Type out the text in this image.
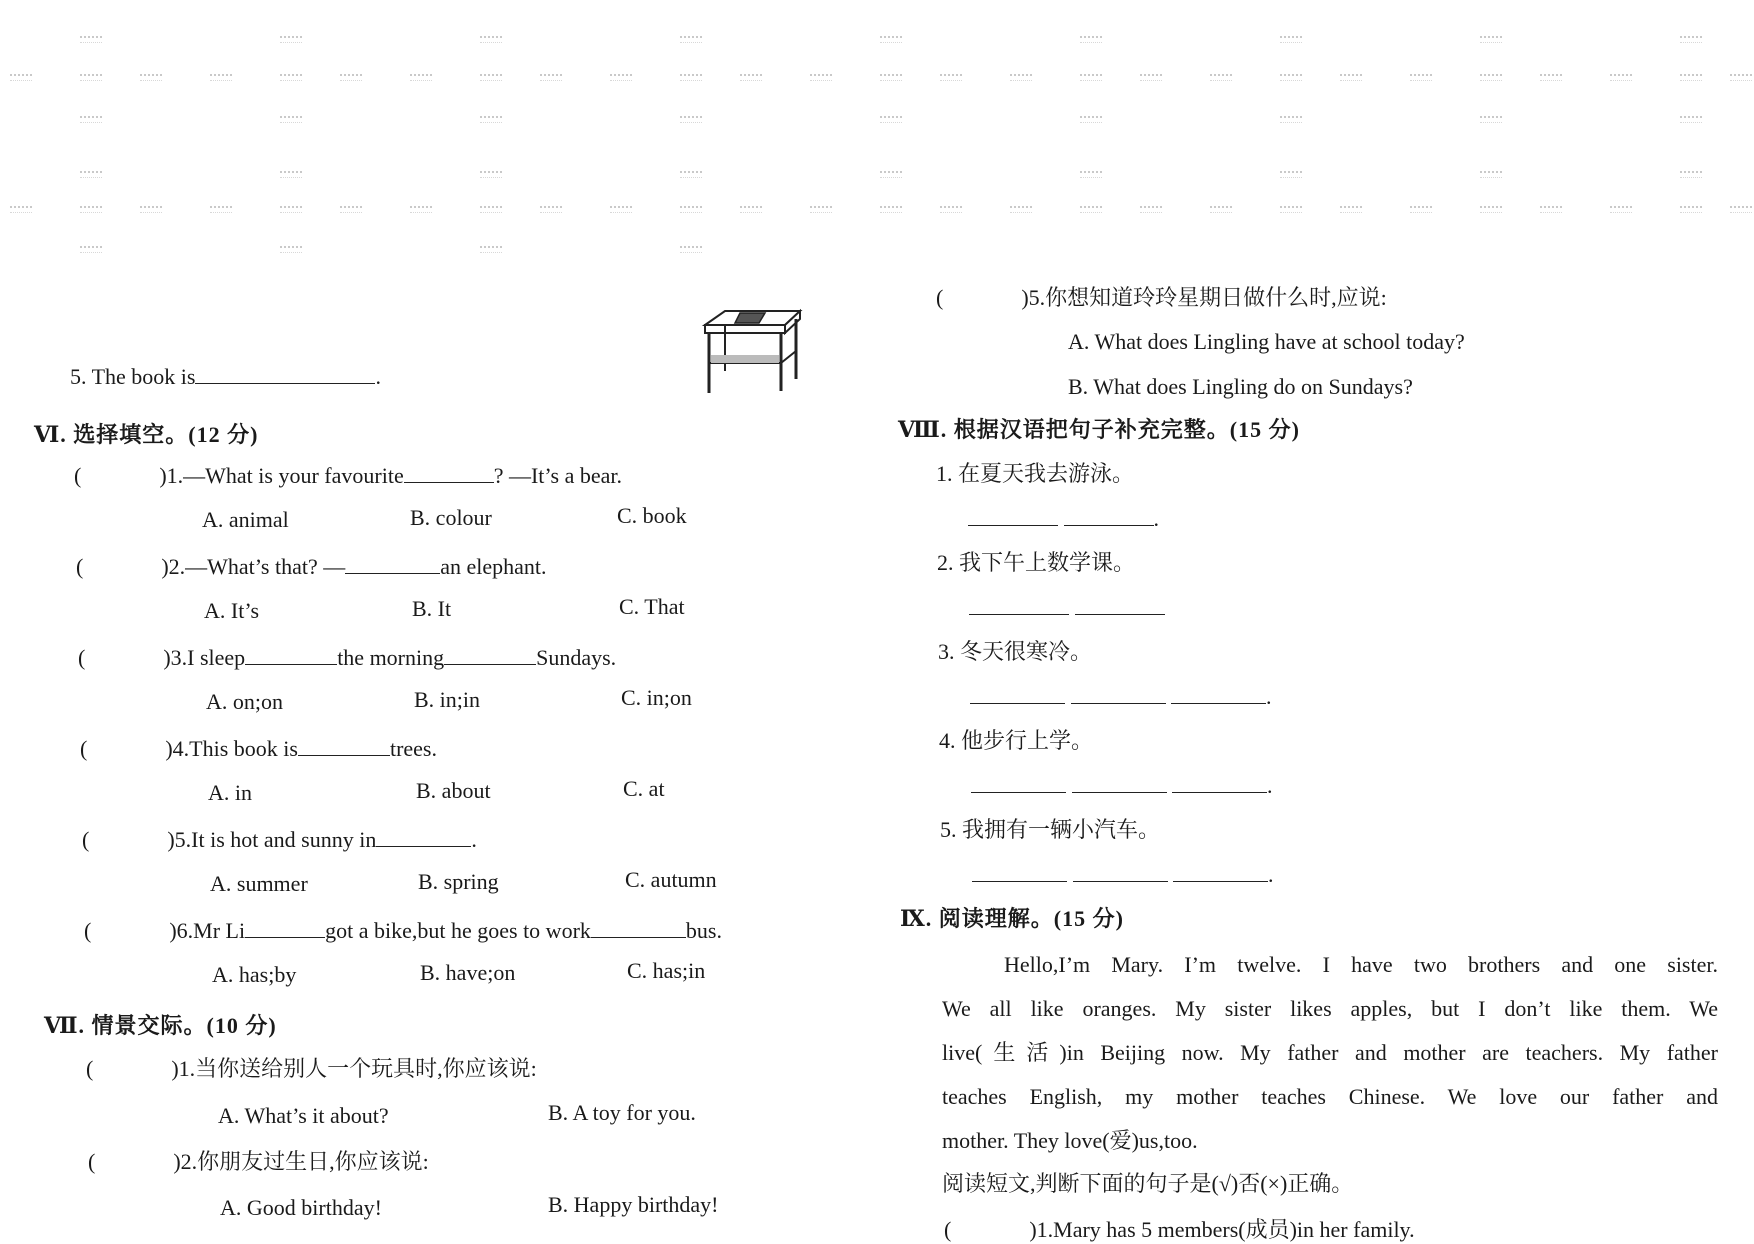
5. The book is	.
Ⅵ. 选择填空。(12 分)
(	)1.—What is your favourite	? —It’s a bear.
A. animal	B. colour	C. book
(	)2.—What’s that? —	an elephant.
A. It’s	B. It	C. That
(	)3.I sleep	the morning	Sundays.
A. on;on	B. in;in	C. in;on
(	)4.This book is	trees.
A. in	B. about	C. at
(	)5.It is hot and sunny in	.
A. summer	B. spring	C. autumn
(	)6.Mr Li	got a bike,but he goes to work	bus.
A. has;by	B. have;on	C. has;in
Ⅶ. 情景交际。(10 分)
(	)1.当你送给别人一个玩具时,你应该说:
A. What’s it about?	B. A toy for you.
(	)2.你朋友过生日,你应该说:
A. Good birthday!	B. Happy birthday!
(	)5.你想知道玲玲星期日做什么时,应说:
A. What does Lingling have at school today?
B. What does Lingling do on Sundays?
Ⅷ. 根据汉语把句子补充完整。(15 分)
1. 在夏天我去游泳。
.
2. 我下午上数学课。

3. 冬天很寒冷。
.
4. 他步行上学。
.
5. 我拥有一辆小汽车。
.
Ⅸ. 阅读理解。(15 分)
Hello,I’m Mary. I’m twelve. I have two brothers and one sister.
We all like oranges. My sister likes apples, but I don’t like them. We
live(生活)in Beijing now. My father and mother are teachers. My father
teaches English, my mother teaches Chinese. We love our father and
mother. They love(爱)us,too.
阅读短文,判断下面的句子是(√)否(×)正确。
(	)1.Mary has 5 members(成员)in her family.
